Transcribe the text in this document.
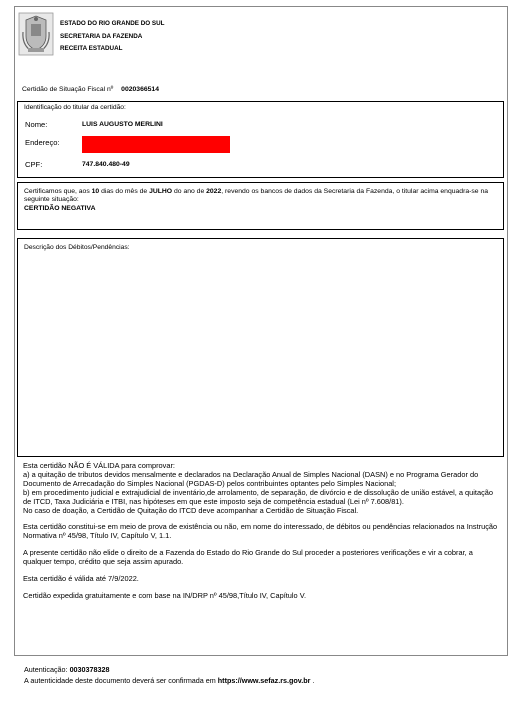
ESTADO DO RIO GRANDE DO SUL
SECRETARIA DA FAZENDA
RECEITA ESTADUAL
Certidão de Situação Fiscal nº 0020366514
Identificação do titular da certidão:
Nome:	LUIS AUGUSTO MERLINI
Endereço:
CPF:	747.840.480-49
Certificamos que, aos 10 dias do mês de JULHO do ano de 2022, revendo os bancos de dados da Secretaria da Fazenda, o titular acima enquadra-se na seguinte situação:
CERTIDÃO NEGATIVA
Descrição dos Débitos/Pendências:

Esta certidão NÃO É VÁLIDA para comprovar:

a) a quitação de tributos devidos mensalmente e declarados na Declaração Anual de Simples Nacional (DASN) e no Programa Gerador do Documento de Arrecadação do Simples Nacional (PGDAS-D) pelos contribuintes optantes pelo Simples Nacional;

b) em procedimento judicial e extrajudicial de inventário,de arrolamento, de separação, de divórcio e de dissolução de união estável, a quitação de ITCD, Taxa Judiciária e ITBI, nas hipóteses em que este imposto seja de competência estadual (Lei nº 7.608/81).

No caso de doação, a Certidão de Quitação do ITCD deve acompanhar a Certidão de Situação Fiscal.

Esta certidão constitui-se em meio de prova de existência ou não, em nome do interessado, de débitos ou pendências relacionados na Instrução Normativa nº 45/98, Título IV, Capítulo V, 1.1.

A presente certidão não elide o direito de a Fazenda do Estado do Rio Grande do Sul proceder a posteriores verificações e vir a cobrar, a qualquer tempo, crédito que seja assim apurado.

Esta certidão é válida até 7/9/2022.

Certidão expedida gratuitamente e com base na IN/DRP nº 45/98,Título IV, Capítulo V.

Autenticação: 0030378328
A autenticidade deste documento deverá ser confirmada em https://www.sefaz.rs.gov.br .
